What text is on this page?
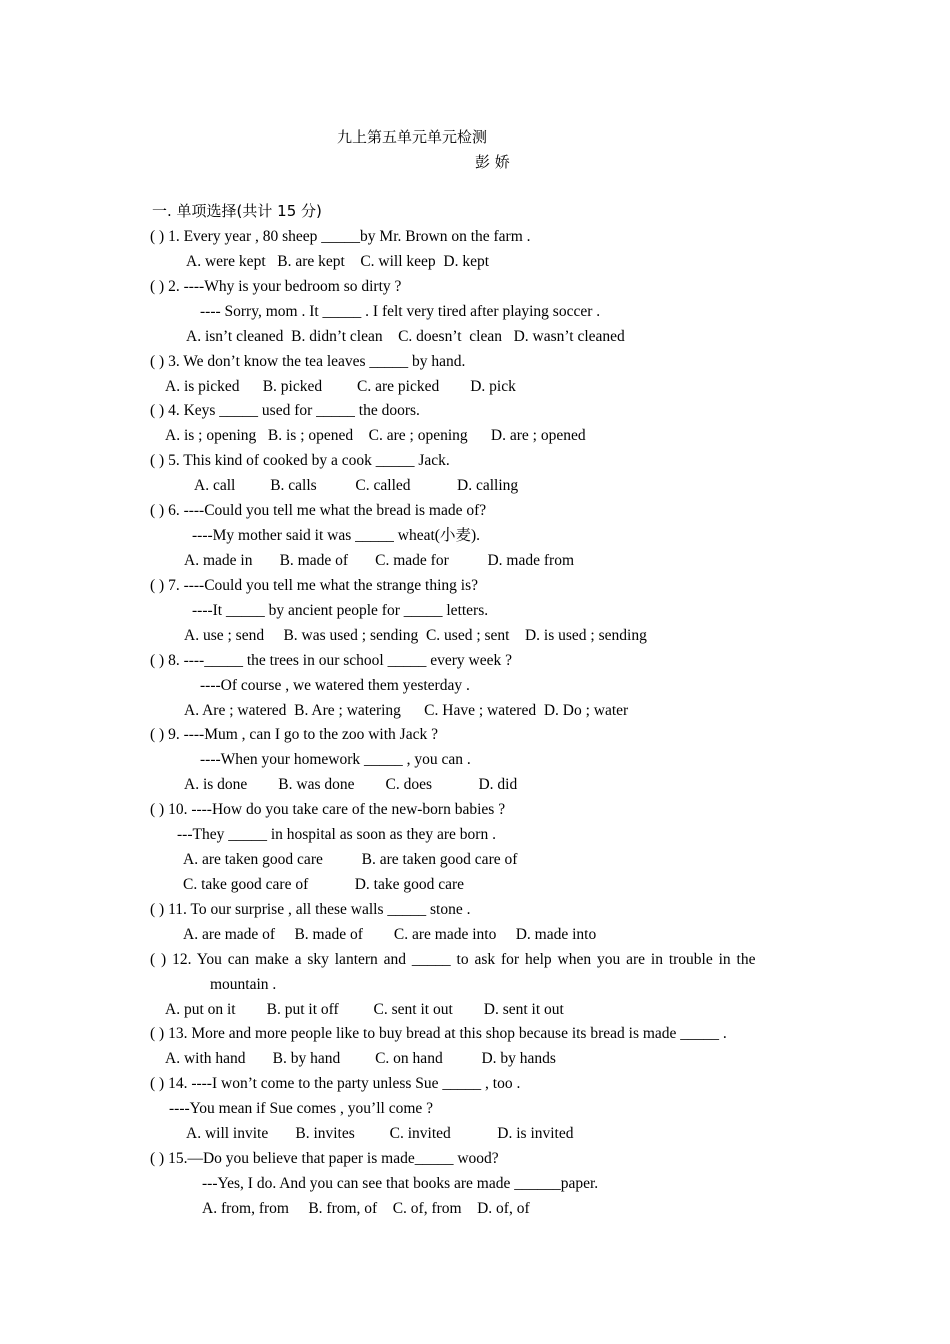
九上第五单元单元检测
彭 娇
一. 单项选择(共计 15 分)
( ) 1. Every year , 80 sheep _____by Mr. Brown on the farm .
A. were kept   B. are kept    C. will keep  D. kept
( ) 2. ----Why is your bedroom so dirty ?
---- Sorry, mom . It _____ . I felt very tired after playing soccer .
A. isn’t cleaned  B. didn’t clean    C. doesn’t  clean   D. wasn’t cleaned
( ) 3. We don’t know the tea leaves _____ by hand.
A. is picked      B. picked         C. are picked        D. pick
( ) 4. Keys _____ used for _____ the doors.
A. is ; opening   B. is ; opened    C. are ; opening      D. are ; opened
( ) 5. This kind of cooked by a cook _____ Jack.
A. call         B. calls          C. called            D. calling
( ) 6. ----Could you tell me what the bread is made of?
----My mother said it was _____ wheat(小麦).
A. made in       B. made of       C. made for          D. made from
( ) 7. ----Could you tell me what the strange thing is?
----It _____ by ancient people for _____ letters.
A. use ; send     B. was used ; sending  C. used ; sent    D. is used ; sending
( ) 8. ----_____ the trees in our school _____ every week ?
----Of course , we watered them yesterday .
A. Are ; watered  B. Are ; watering      C. Have ; watered  D. Do ; water
( ) 9. ----Mum , can I go to the zoo with Jack ?
----When your homework _____ , you can .
A. is done        B. was done        C. does            D. did
( ) 10. ----How do you take care of the new-born babies ?
---They _____ in hospital as soon as they are born .
A. are taken good care          B. are taken good care of
C. take good care of            D. take good care
( ) 11. To our surprise , all these walls _____ stone .
A. are made of     B. made of        C. are made into     D. made into
( ) 12. You can make a sky lantern and _____ to ask for help when you are in trouble in the
mountain .
A. put on it        B. put it off         C. sent it out        D. sent it out
( ) 13. More and more people like to buy bread at this shop because its bread is made _____ .
A. with hand       B. by hand         C. on hand          D. by hands
( ) 14. ----I won’t come to the party unless Sue _____ , too .
----You mean if Sue comes , you’ll come ?
A. will invite       B. invites         C. invited            D. is invited
( ) 15.—Do you believe that paper is made_____ wood?
---Yes, I do. And you can see that books are made ______paper.
A. from, from     B. from, of    C. of, from    D. of, of
